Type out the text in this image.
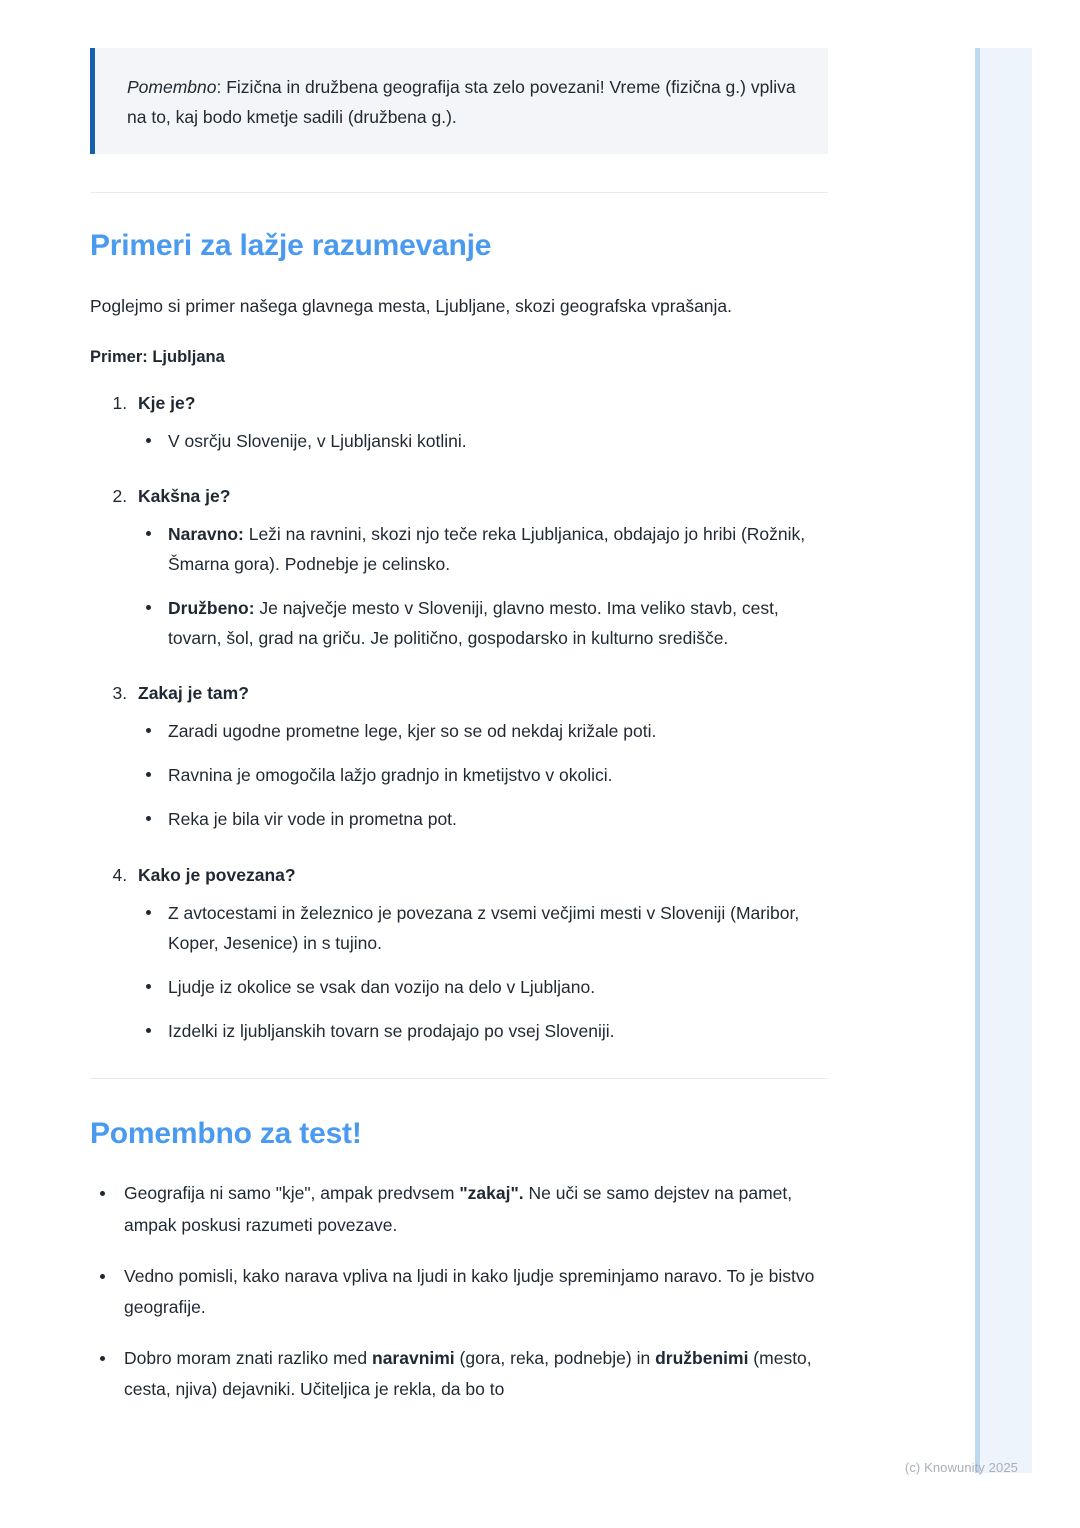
Pomembno: Fizična in družbena geografija sta zelo povezani! Vreme (fizična g.) vpliva na to, kaj bodo kmetje sadili (družbena g.).

Primeri za lažje razumevanje

Poglejmo si primer našega glavnega mesta, Ljubljane, skozi geografska vprašanja.

Primer: Ljubljana

1. Kje je?
V osrčju Slovenije, v Ljubljanski kotlini.
2. Kakšna je?
Naravno: Leži na ravnini, skozi njo teče reka Ljubljanica, obdajajo jo hribi (Rožnik, Šmarna gora). Podnebje je celinsko.
Družbeno: Je največje mesto v Sloveniji, glavno mesto. Ima veliko stavb, cest, tovarn, šol, grad na griču. Je politično, gospodarsko in kulturno središče.
3. Zakaj je tam?
Zaradi ugodne prometne lege, kjer so se od nekdaj križale poti.
Ravnina je omogočila lažjo gradnjo in kmetijstvo v okolici.
Reka je bila vir vode in prometna pot.
4. Kako je povezana?
Z avtocestami in železnico je povezana z vsemi večjimi mesti v Sloveniji (Maribor, Koper, Jesenice) in s tujino.
Ljudje iz okolice se vsak dan vozijo na delo v Ljubljano.
Izdelki iz ljubljanskih tovarn se prodajajo po vsej Sloveniji.
Pomembno za test!
Geografija ni samo "kje", ampak predvsem "zakaj". Ne uči se samo dejstev na pamet, ampak poskusi razumeti povezave.
Vedno pomisli, kako narava vpliva na ljudi in kako ljudje spreminjamo naravo. To je bistvo geografije.
Dobro moram znati razliko med naravnimi (gora, reka, podnebje) in družbenimi (mesto, cesta, njiva) dejavniki. Učiteljica je rekla, da bo to
(c) Knowunity 2025
